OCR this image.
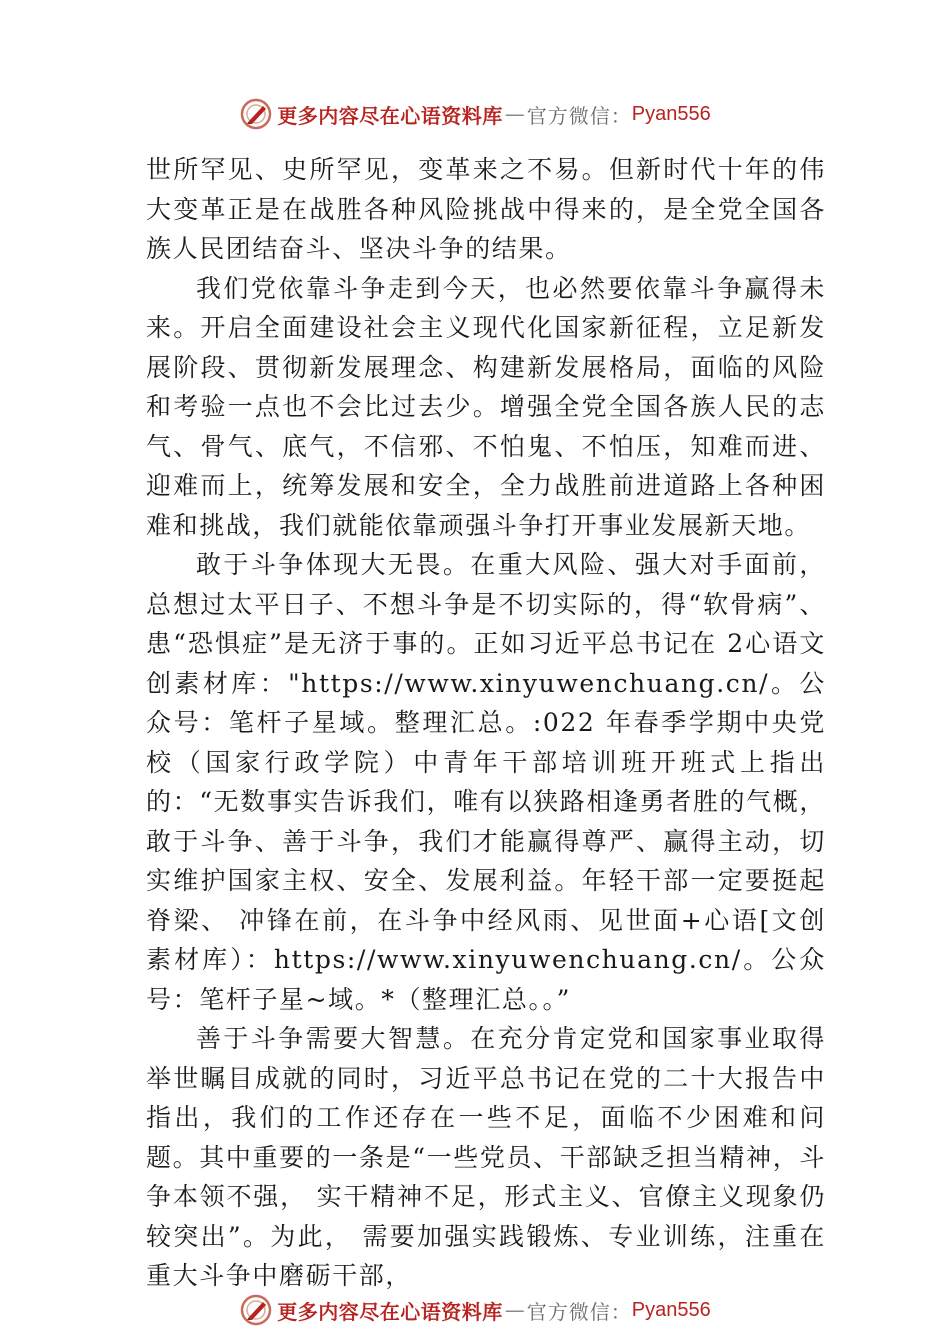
更多内容尽在心语资料库 — 官方微信： Pyan556

世所罕见、史所罕见，变革来之不易。但新时代十年的伟大变革正是在战胜各种风险挑战中得来的，是全党全国各族人民团结奋斗、坚决斗争的结果。

我们党依靠斗争走到今天，也必然要依靠斗争赢得未来。开启全面建设社会主义现代化国家新征程，立足新发展阶段、贯彻新发展理念、构建新发展格局，面临的风险和考验一点也不会比过去少。增强全党全国各族人民的志气、骨气、底气，不信邪、不怕鬼、不怕压，知难而进、迎难而上，统筹发展和安全，全力战胜前进道路上各种困难和挑战，我们就能依靠顽强斗争打开事业发展新天地。

敢于斗争体现大无畏。在重大风险、强大对手面前，总想过太平日子、不想斗争是不切实际的，得“软骨病”、患“恐惧症”是无济于事的。正如习近平总书记在 2心语文创素材库："https://www.xinyuwenchuang.cn/。公众号：笔杆子星域。整理汇总。:022 年春季学期中央党校（国家行政学院）中青年干部培训班开班式上指出的：“无数事实告诉我们，唯有以狭路相逢勇者胜的气概，敢于斗争、善于斗争，我们才能赢得尊严、赢得主动，切实维护国家主权、安全、发展利益。年轻干部一定要挺起脊梁、 冲锋在前，在斗争中经风雨、见世面+心语[文创素材库）：https://www.xinyuwenchuang.cn/。公众号：笔杆子星~域。*（整理汇总。。”

善于斗争需要大智慧。在充分肯定党和国家事业取得举世瞩目成就的同时，习近平总书记在党的二十大报告中指出，我们的工作还存在一些不足，面临不少困难和问题。其中重要的一条是“一些党员、干部缺乏担当精神，斗争本领不强， 实干精神不足，形式主义、官僚主义现象仍较突出”。为此， 需要加强实践锻炼、专业训练，注重在重大斗争中磨砺干部，

更多内容尽在心语资料库 — 官方微信： Pyan556
